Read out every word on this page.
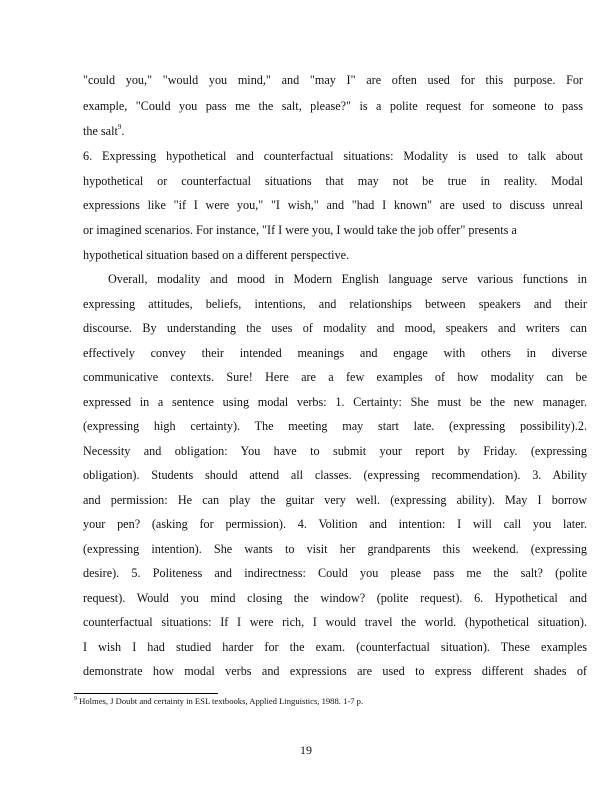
"could you," "would you mind," and "may I" are often used for this purpose. For
example, "Could you pass me the salt, please?" is a polite request for someone to pass
the salt$^9$.
6. Expressing hypothetical and counterfactual situations: Modality is used to talk about
hypothetical or counterfactual situations that may not be true in reality. Modal
expressions like "if I were you," "I wish," and "had I known" are used to discuss unreal
or imagined scenarios. For instance, "If I were you, I would take the job offer" presents a
hypothetical situation based on a different perspective.
Overall, modality and mood in Modern English language serve various functions in
expressing attitudes, beliefs, intentions, and relationships between speakers and their
discourse. By understanding the uses of modality and mood, speakers and writers can
effectively convey their intended meanings and engage with others in diverse
communicative contexts. Sure! Here are a few examples of how modality can be
expressed in a sentence using modal verbs: 1. Certainty: She must be the new manager.
(expressing high certainty). The meeting may start late. (expressing possibility).2.
Necessity and obligation: You have to submit your report by Friday. (expressing
obligation). Students should attend all classes. (expressing recommendation). 3. Ability
and permission: He can play the guitar very well. (expressing ability). May I borrow
your pen? (asking for permission). 4. Volition and intention: I will call you later.
(expressing intention). She wants to visit her grandparents this weekend. (expressing
desire). 5. Politeness and indirectness: Could you please pass me the salt? (polite
request). Would you mind closing the window? (polite request). 6. Hypothetical and
counterfactual situations: If I were rich, I would travel the world. (hypothetical situation).
I wish I had studied harder for the exam. (counterfactual situation). These examples
demonstrate how modal verbs and expressions are used to express different shades of
$^9$ Holmes, J Doubt and certainty in ESL textbooks, Applied Linguistics, 1988. 1-7 p.
19
